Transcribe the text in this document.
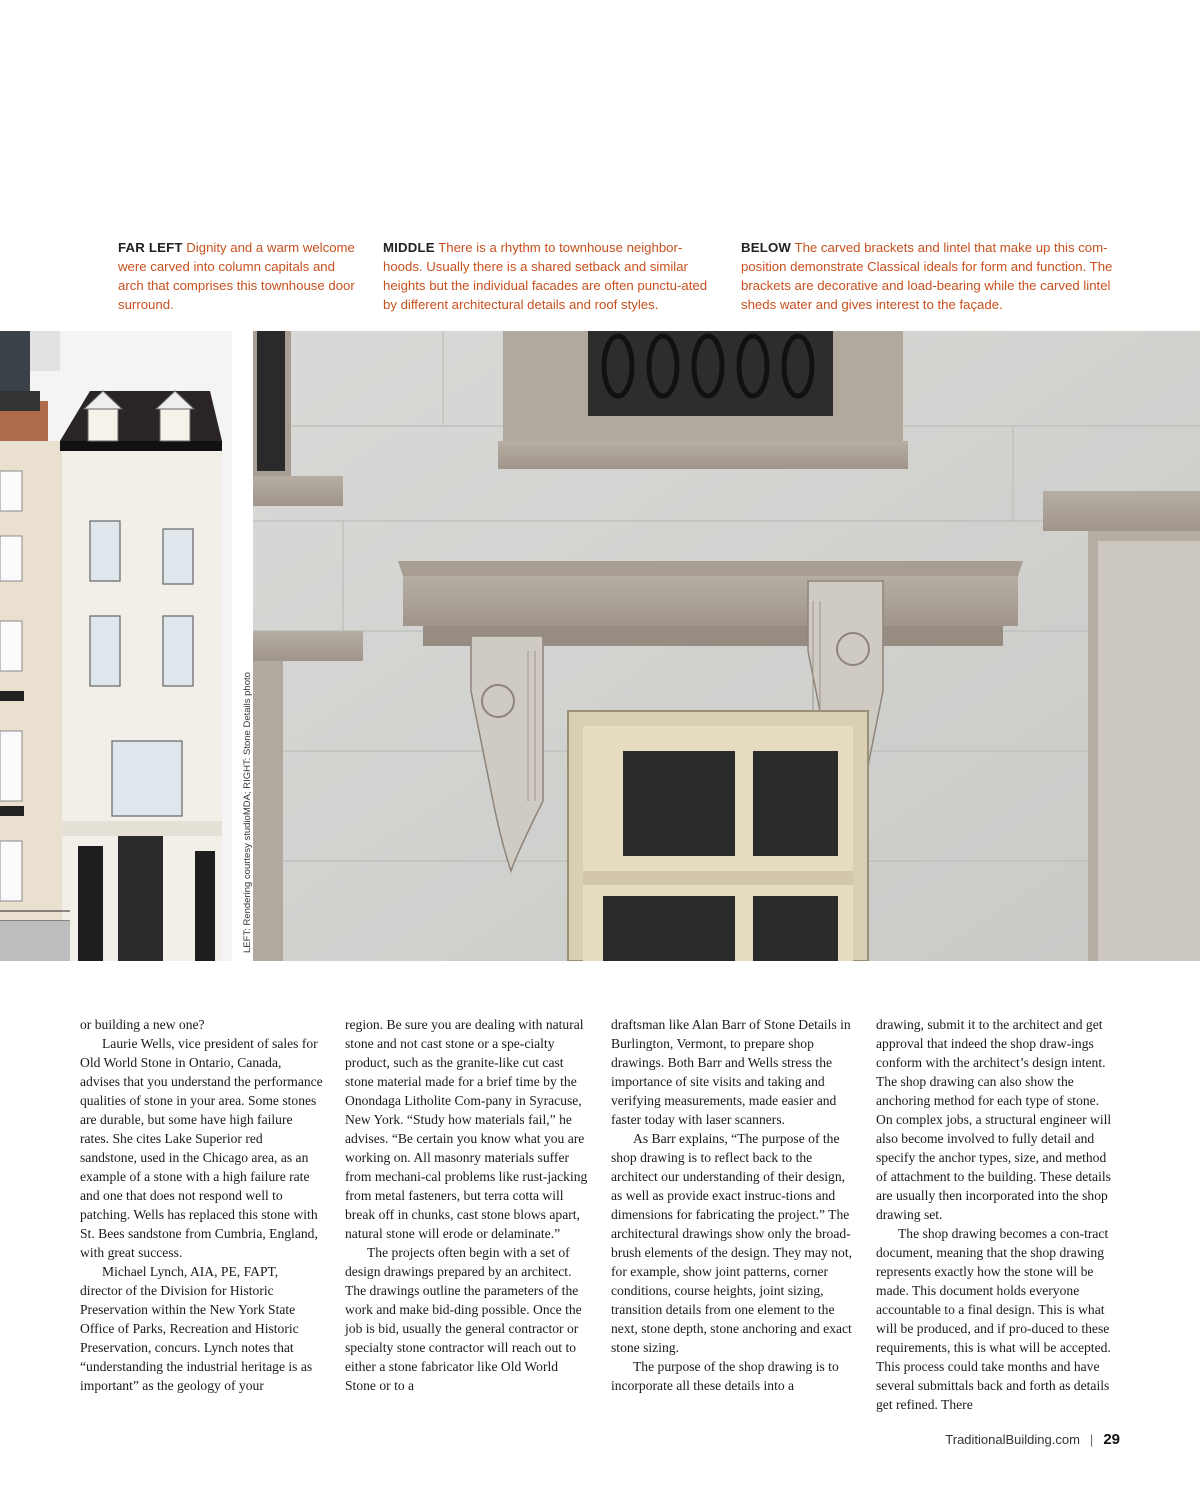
FAR LEFT Dignity and a warm welcome were carved into column capitals and arch that comprises this townhouse door surround.
MIDDLE There is a rhythm to townhouse neighbor-hoods. Usually there is a shared setback and similar heights but the individual facades are often punctu-ated by different architectural details and roof styles.
BELOW The carved brackets and lintel that make up this com-position demonstrate Classical ideals for form and function. The brackets are decorative and load-bearing while the carved lintel sheds water and gives interest to the façade.
LEFT: Rendering courtesy studioMDA; RIGHT: Stone Details photo

or building a new one?

Laurie Wells, vice president of sales for Old World Stone in Ontario, Canada, advises that you understand the performance qualities of stone in your area. Some stones are durable, but some have high failure rates. She cites Lake Superior red sandstone, used in the Chicago area, as an example of a stone with a high failure rate and one that does not respond well to patching. Wells has replaced this stone with St. Bees sandstone from Cumbria, England, with great success.

Michael Lynch, AIA, PE, FAPT, director of the Division for Historic Preservation within the New York State Office of Parks, Recreation and Historic Preservation, concurs. Lynch notes that “understanding the industrial heritage is as important” as the geology of your

region. Be sure you are dealing with natural stone and not cast stone or a spe-cialty product, such as the granite-like cut cast stone material made for a brief time by the Onondaga Litholite Com-pany in Syracuse, New York. “Study how materials fail,” he advises. “Be certain you know what you are working on. All masonry materials suffer from mechani-cal problems like rust-jacking from metal fasteners, but terra cotta will break off in chunks, cast stone blows apart, natural stone will erode or delaminate.”

The projects often begin with a set of design drawings prepared by an architect. The drawings outline the parameters of the work and make bid-ding possible. Once the job is bid, usually the general contractor or specialty stone contractor will reach out to either a stone fabricator like Old World Stone or to a

draftsman like Alan Barr of Stone Details in Burlington, Vermont, to prepare shop drawings. Both Barr and Wells stress the importance of site visits and taking and verifying measurements, made easier and faster today with laser scanners.

As Barr explains, “The purpose of the shop drawing is to reflect back to the architect our understanding of their design, as well as provide exact instruc-tions and dimensions for fabricating the project.” The architectural drawings show only the broad-brush elements of the design. They may not, for example, show joint patterns, corner conditions, course heights, joint sizing, transition details from one element to the next, stone depth, stone anchoring and exact stone sizing.

The purpose of the shop drawing is to incorporate all these details into a

drawing, submit it to the architect and get approval that indeed the shop draw-ings conform with the architect’s design intent. The shop drawing can also show the anchoring method for each type of stone. On complex jobs, a structural engineer will also become involved to fully detail and specify the anchor types, size, and method of attachment to the building. These details are usually then incorporated into the shop drawing set.

The shop drawing becomes a con-tract document, meaning that the shop drawing represents exactly how the stone will be made. This document holds everyone accountable to a final design. This is what will be produced, and if pro-duced to these requirements, this is what will be accepted. This process could take months and have several submittals back and forth as details get refined. There

TraditionalBuilding.com | 29
